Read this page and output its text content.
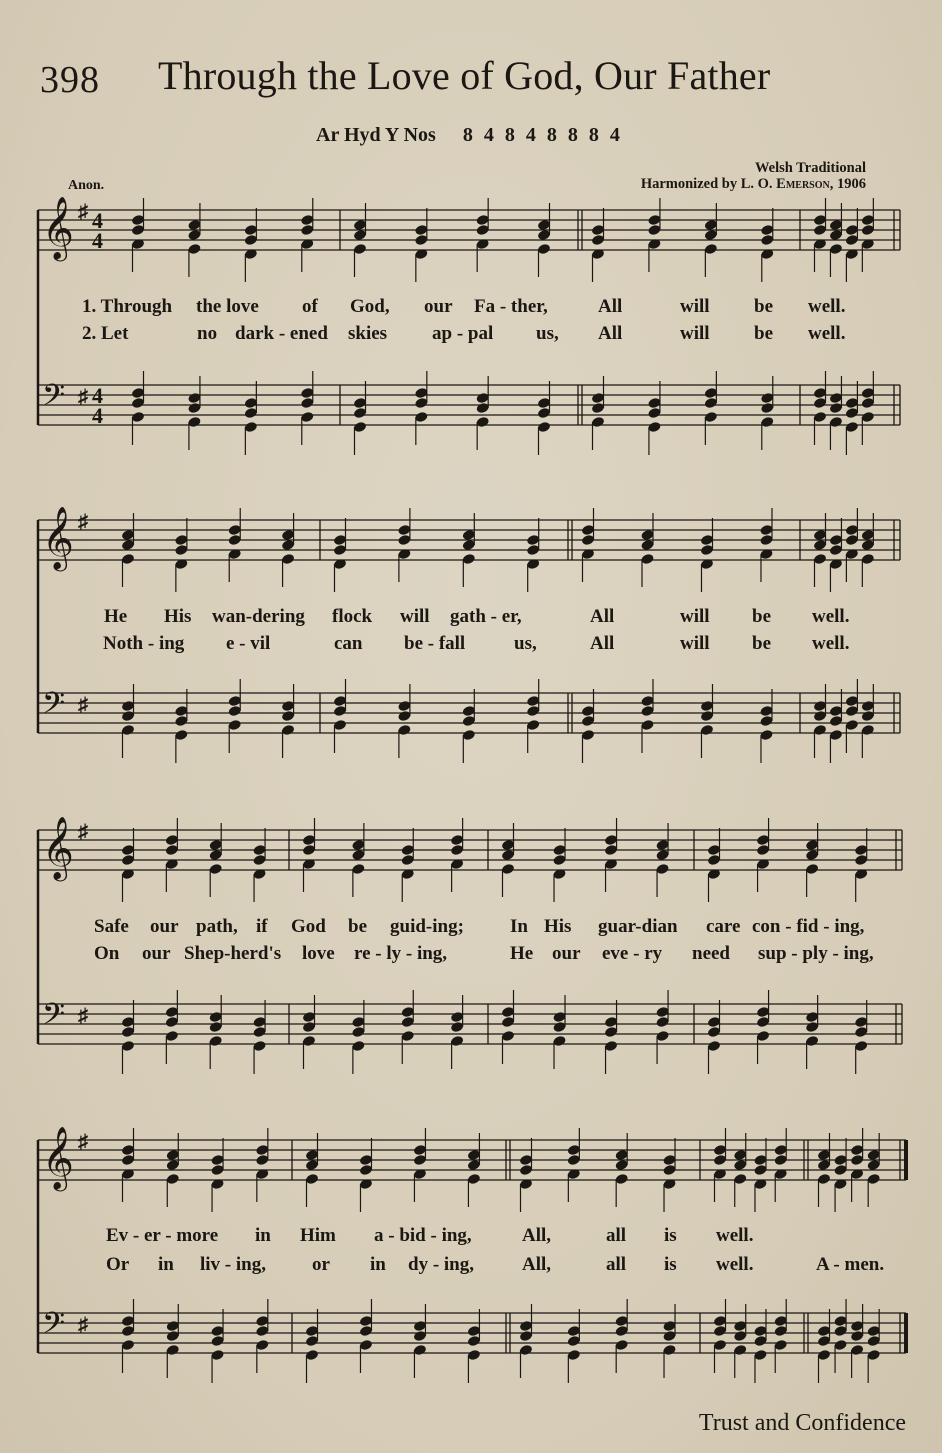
398 Through the Love of God, Our Father
Ar Hyd Y Nos 8 4 8 4 8 8 8 4
Anon.
Welsh Traditional
Harmonized by L. O. Emerson, 1906
𝄞 ♯
𝄢 ♯
4
4
4
4
𝄞 ♯
𝄢 ♯
𝄞 ♯
𝄢 ♯
𝄞 ♯
𝄢 ♯
1. Through the love of God, our Fa - ther,	All	will be well.
2. Let	no dark - ened skies ap - pal us, All	will be well.
He His wan-dering flock will gath - er,	All	will be well.
Noth - ing e - vil	can be - fall	us,	All	will be well.
Safe our path, if God be guid-ing; In His guar-dian care con - fid - ing,
On our Shep-herd's love re - ly - ing,	He our eve - ry need sup - ply - ing,
Ev - er - more in Him a - bid - ing,	All,	all is well.
Or in liv - ing, or in dy - ing,	All,	all is well.	A - men.
Trust and Confidence
